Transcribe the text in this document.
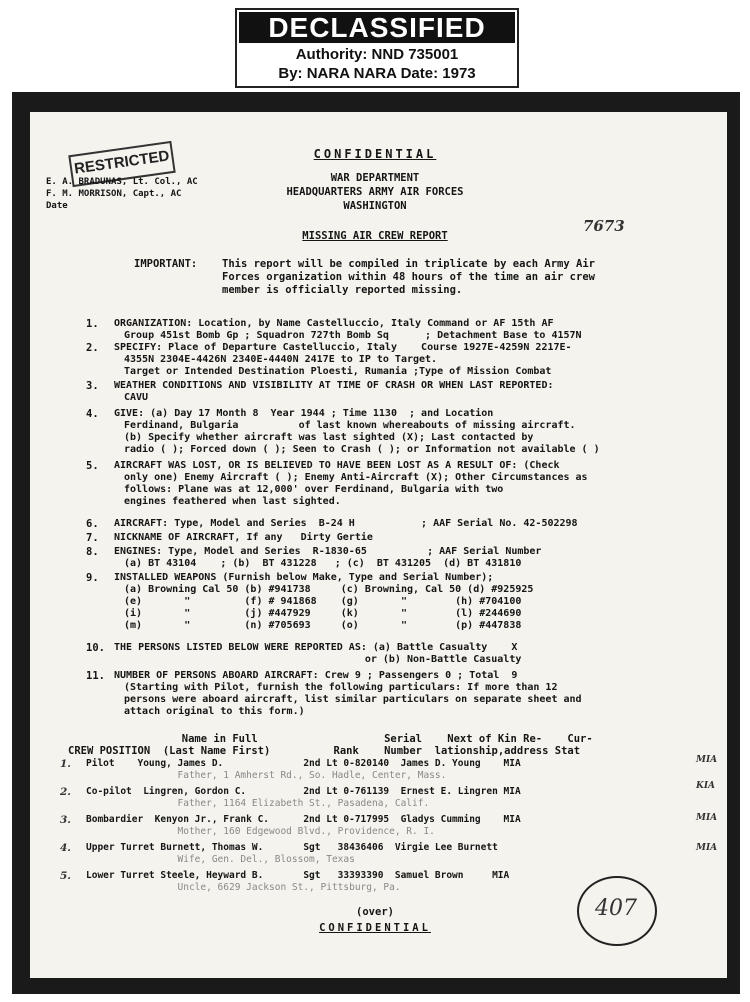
DECLASSIFIED
Authority: NND 735001
By: NARA NARA Date: 1973
RESTRICTED
E. A. BRADUNAS, Lt. Col., AC
F. M. MORRISON, Capt., AC
Date
CONFIDENTIAL
WAR DEPARTMENT
HEADQUARTERS ARMY AIR FORCES
WASHINGTON
7673
MISSING AIR CREW REPORT
IMPORTANT: This report will be compiled in triplicate by each Army Air
Forces organization within 48 hours of the time an air crew
member is officially reported missing.
1. ORGANIZATION: Location, by Name Castelluccio, Italy Command or AF 15th AF
Group 451st Bomb Gp ; Squadron 727th Bomb Sq      ; Detachment Base to 4157N
2. SPECIFY: Place of Departure Castelluccio, Italy    Course 1927E-4259N 2217E-
4355N 2304E-4426N 2340E-4440N 2417E to IP to Target.
Target or Intended Destination Ploesti, Rumania ;Type of Mission Combat
3. WEATHER CONDITIONS AND VISIBILITY AT TIME OF CRASH OR WHEN LAST REPORTED:
CAVU
4. GIVE: (a) Day 17 Month 8  Year 1944 ; Time 1130  ; and Location
Ferdinand, Bulgaria          of last known whereabouts of missing aircraft.
(b) Specify whether aircraft was last sighted (X); Last contacted by
radio ( ); Forced down ( ); Seen to Crash ( ); or Information not available ( )
5. AIRCRAFT WAS LOST, OR IS BELIEVED TO HAVE BEEN LOST AS A RESULT OF: (Check
only one) Enemy Aircraft ( ); Enemy Anti-Aircraft (X); Other Circumstances as
follows: Plane was at 12,000' over Ferdinand, Bulgaria with two
engines feathered when last sighted.
6. AIRCRAFT: Type, Model and Series  B-24 H           ; AAF Serial No. 42-502298
7. NICKNAME OF AIRCRAFT, If any   Dirty Gertie
8. ENGINES: Type, Model and Series  R-1830-65          ; AAF Serial Number
(a) BT 43104    ; (b)  BT 431228   ; (c)  BT 431205  (d) BT 431810
9. INSTALLED WEAPONS (Furnish below Make, Type and Serial Number);
(a) Browning Cal 50 (b) #941738     (c) Browning, Cal 50 (d) #925925
(e)       "         (f) # 941868    (g)       "        (h) #704100
(i)       "         (j) #447929     (k)       "        (l) #244690
(m)       "         (n) #705693     (o)       "        (p) #447838
10. THE PERSONS LISTED BELOW WERE REPORTED AS: (a) Battle Casualty    X
or (b) Non-Battle Casualty
11. NUMBER OF PERSONS ABOARD AIRCRAFT: Crew 9 ; Passengers 0 ; Total  9
(Starting with Pilot, furnish the following particulars: If more than 12
persons were aboard aircraft, list similar particulars on separate sheet and
attach original to this form.)
Name in Full                    Serial    Next of Kin Re-    Cur-
CREW POSITION  (Last Name First)          Rank    Number  lationship,address Stat
1. Pilot    Young, James D.              2nd Lt 0-820140  James D. Young    MIA
Father, 1 Amherst Rd., So. Hadle, Center, Mass.
2. Co-pilot  Lingren, Gordon C.          2nd Lt 0-761139  Ernest E. Lingren MIA
Father, 1164 Elizabeth St., Pasadena, Calif.
3. Bombardier  Kenyon Jr., Frank C.      2nd Lt 0-717995  Gladys Cumming    MIA
Mother, 160 Edgewood Blvd., Providence, R. I.
4. Upper Turret Burnett, Thomas W.       Sgt   38436406  Virgie Lee Burnett
Wife, Gen. Del., Blossom, Texas
5. Lower Turret Steele, Heyward B.       Sgt   33393390  Samuel Brown     MIA
Uncle, 6629 Jackson St., Pittsburg, Pa.
MIA
KIA
MIA
MIA
(over)
CONFIDENTIAL
407
